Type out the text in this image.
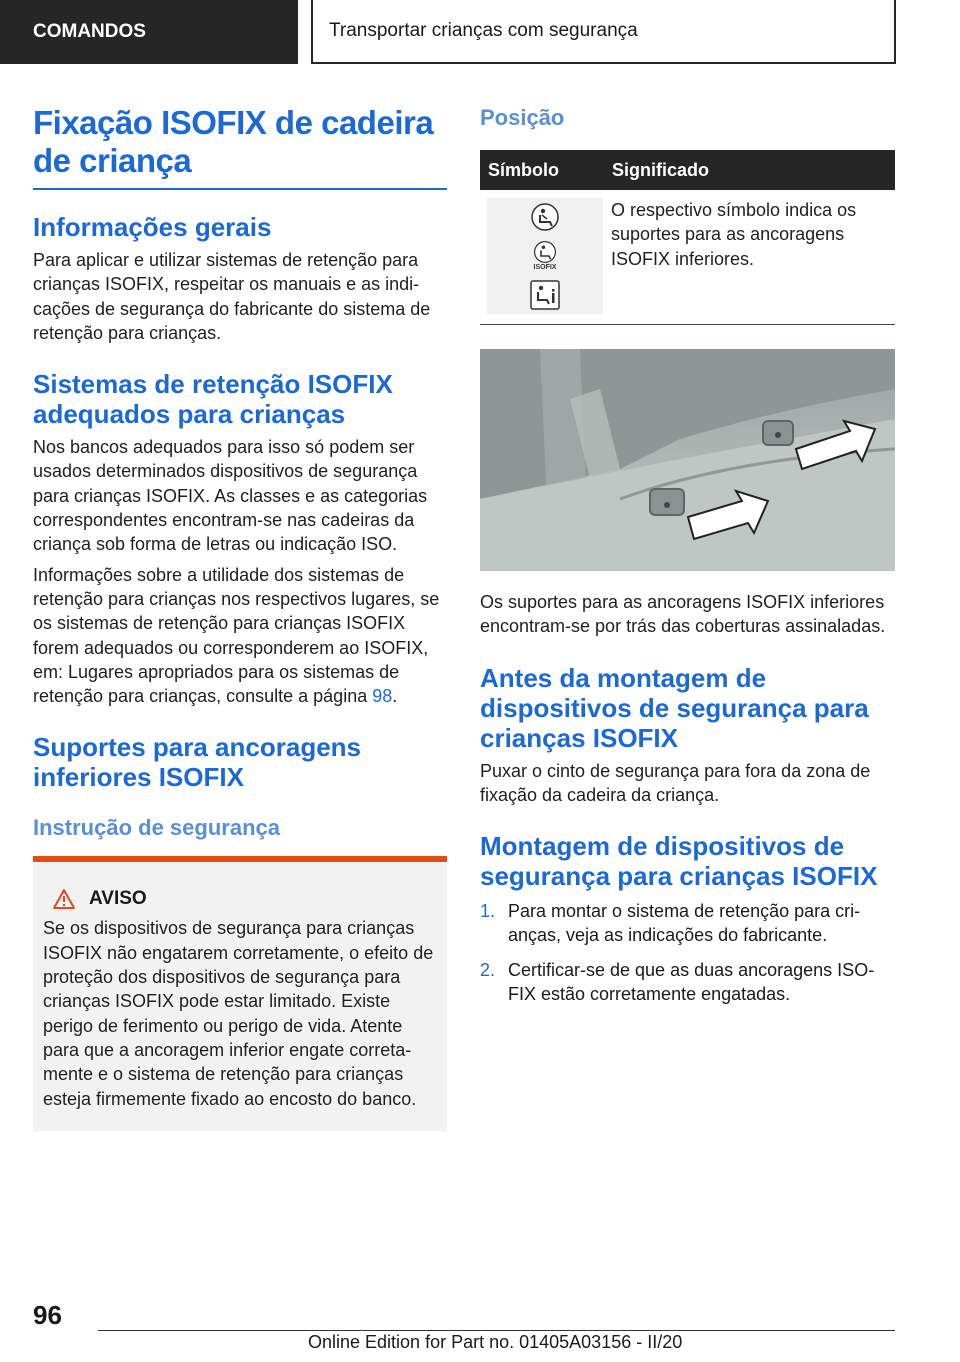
COMANDOS	Transportar crianças com segurança
Fixação ISOFIX de cadeira de criança
Informações gerais

Para aplicar e utilizar sistemas de retenção para crianças ISOFIX, respeitar os manuais e as indicações de segurança do fabricante do sistema de retenção para crianças.

Sistemas de retenção ISOFIX adequados para crianças

Nos bancos adequados para isso só podem ser usados determinados dispositivos de segurança para crianças ISOFIX. As classes e as categorias correspondentes encontram-se nas cadeiras da criança sob forma de letras ou indicação ISO.

Informações sobre a utilidade dos sistemas de retenção para crianças nos respectivos lugares, se os sistemas de retenção para crianças ISOFIX forem adequados ou corresponderem ao ISOFIX, em: Lugares apropriados para os sistemas de retenção para crianças, consulte a página 98.

Suportes para ancoragens inferiores ISOFIX
Instrução de segurança
AVISO

Se os dispositivos de segurança para crianças ISOFIX não engatarem corretamente, o efeito de proteção dos dispositivos de segurança para crianças ISOFIX pode estar limitado. Existe perigo de ferimento ou perigo de vida. Atente para que a ancoragem inferior engate corretamente e o sistema de retenção para crianças esteja firmemente fixado ao encosto do banco.

Posição
Símbolo	Significado
ISOFIX

O respectivo símbolo indica os suportes para as ancoragens ISOFIX inferiores.

Os suportes para as ancoragens ISOFIX inferiores encontram-se por trás das coberturas assinaladas.

Antes da montagem de dispositivos de segurança para crianças ISOFIX

Puxar o cinto de segurança para fora da zona de fixação da cadeira da criança.

Montagem de dispositivos de segurança para crianças ISOFIX
1. Para montar o sistema de retenção para crianças, veja as indicações do fabricante.
2. Certificar-se de que as duas ancoragens ISOFIX estão corretamente engatadas.
96
Online Edition for Part no. 01405A03156 - II/20
